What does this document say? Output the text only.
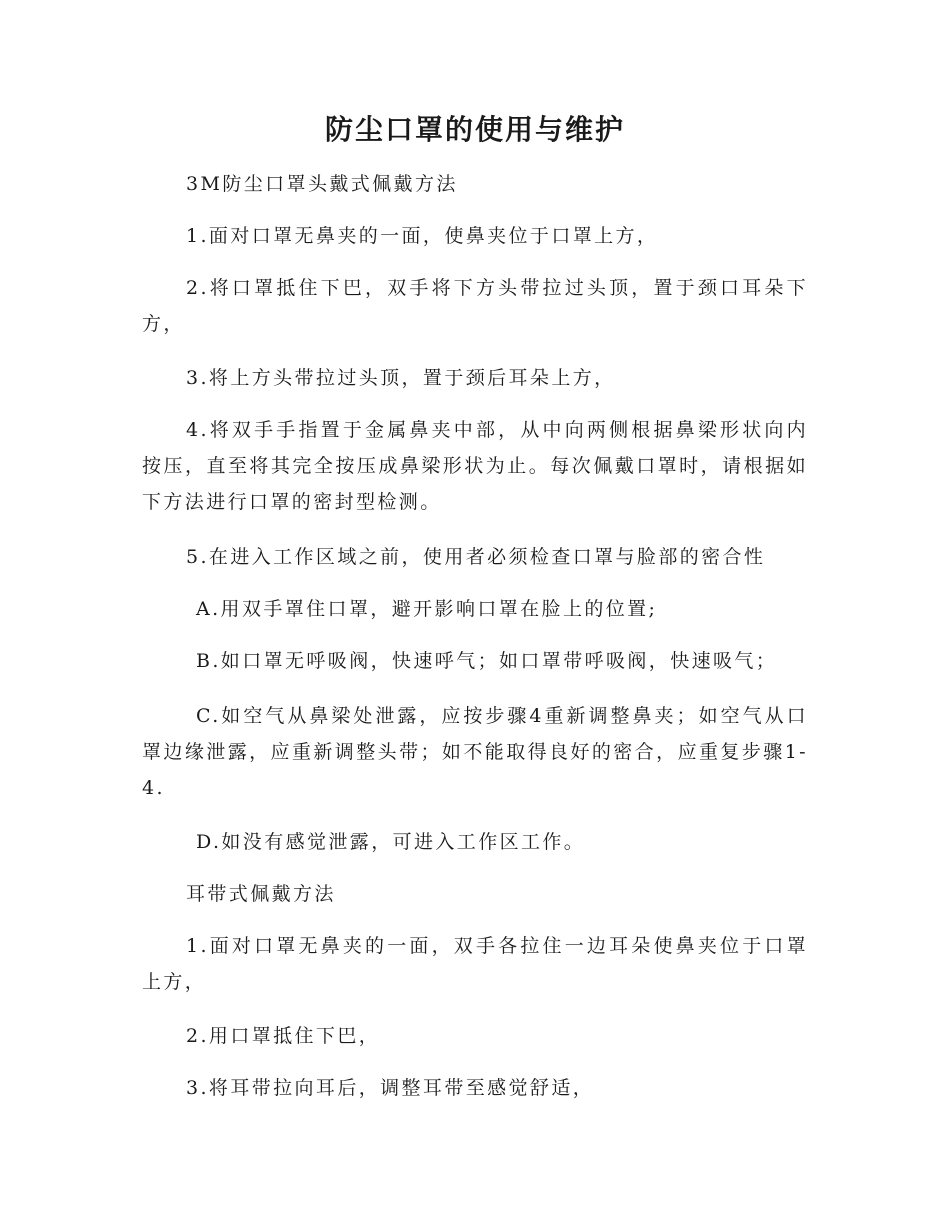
防尘口罩的使用与维护

3M防尘口罩头戴式佩戴方法

1.面对口罩无鼻夹的一面，使鼻夹位于口罩上方，

2.将口罩抵住下巴，双手将下方头带拉过头顶，置于颈口耳朵下方，

3.将上方头带拉过头顶，置于颈后耳朵上方，

4.将双手手指置于金属鼻夹中部，从中向两侧根据鼻梁形状向内按压，直至将其完全按压成鼻梁形状为止。每次佩戴口罩时，请根据如下方法进行口罩的密封型检测。

5.在进入工作区域之前，使用者必须检查口罩与脸部的密合性

A.用双手罩住口罩，避开影响口罩在脸上的位置;

B.如口罩无呼吸阀，快速呼气；如口罩带呼吸阀，快速吸气；

C.如空气从鼻梁处泄露，应按步骤4重新调整鼻夹；如空气从口罩边缘泄露，应重新调整头带；如不能取得良好的密合，应重复步骤1-4.

D.如没有感觉泄露，可进入工作区工作。

耳带式佩戴方法

1.面对口罩无鼻夹的一面，双手各拉住一边耳朵使鼻夹位于口罩上方，

2.用口罩抵住下巴，

3.将耳带拉向耳后，调整耳带至感觉舒适，
